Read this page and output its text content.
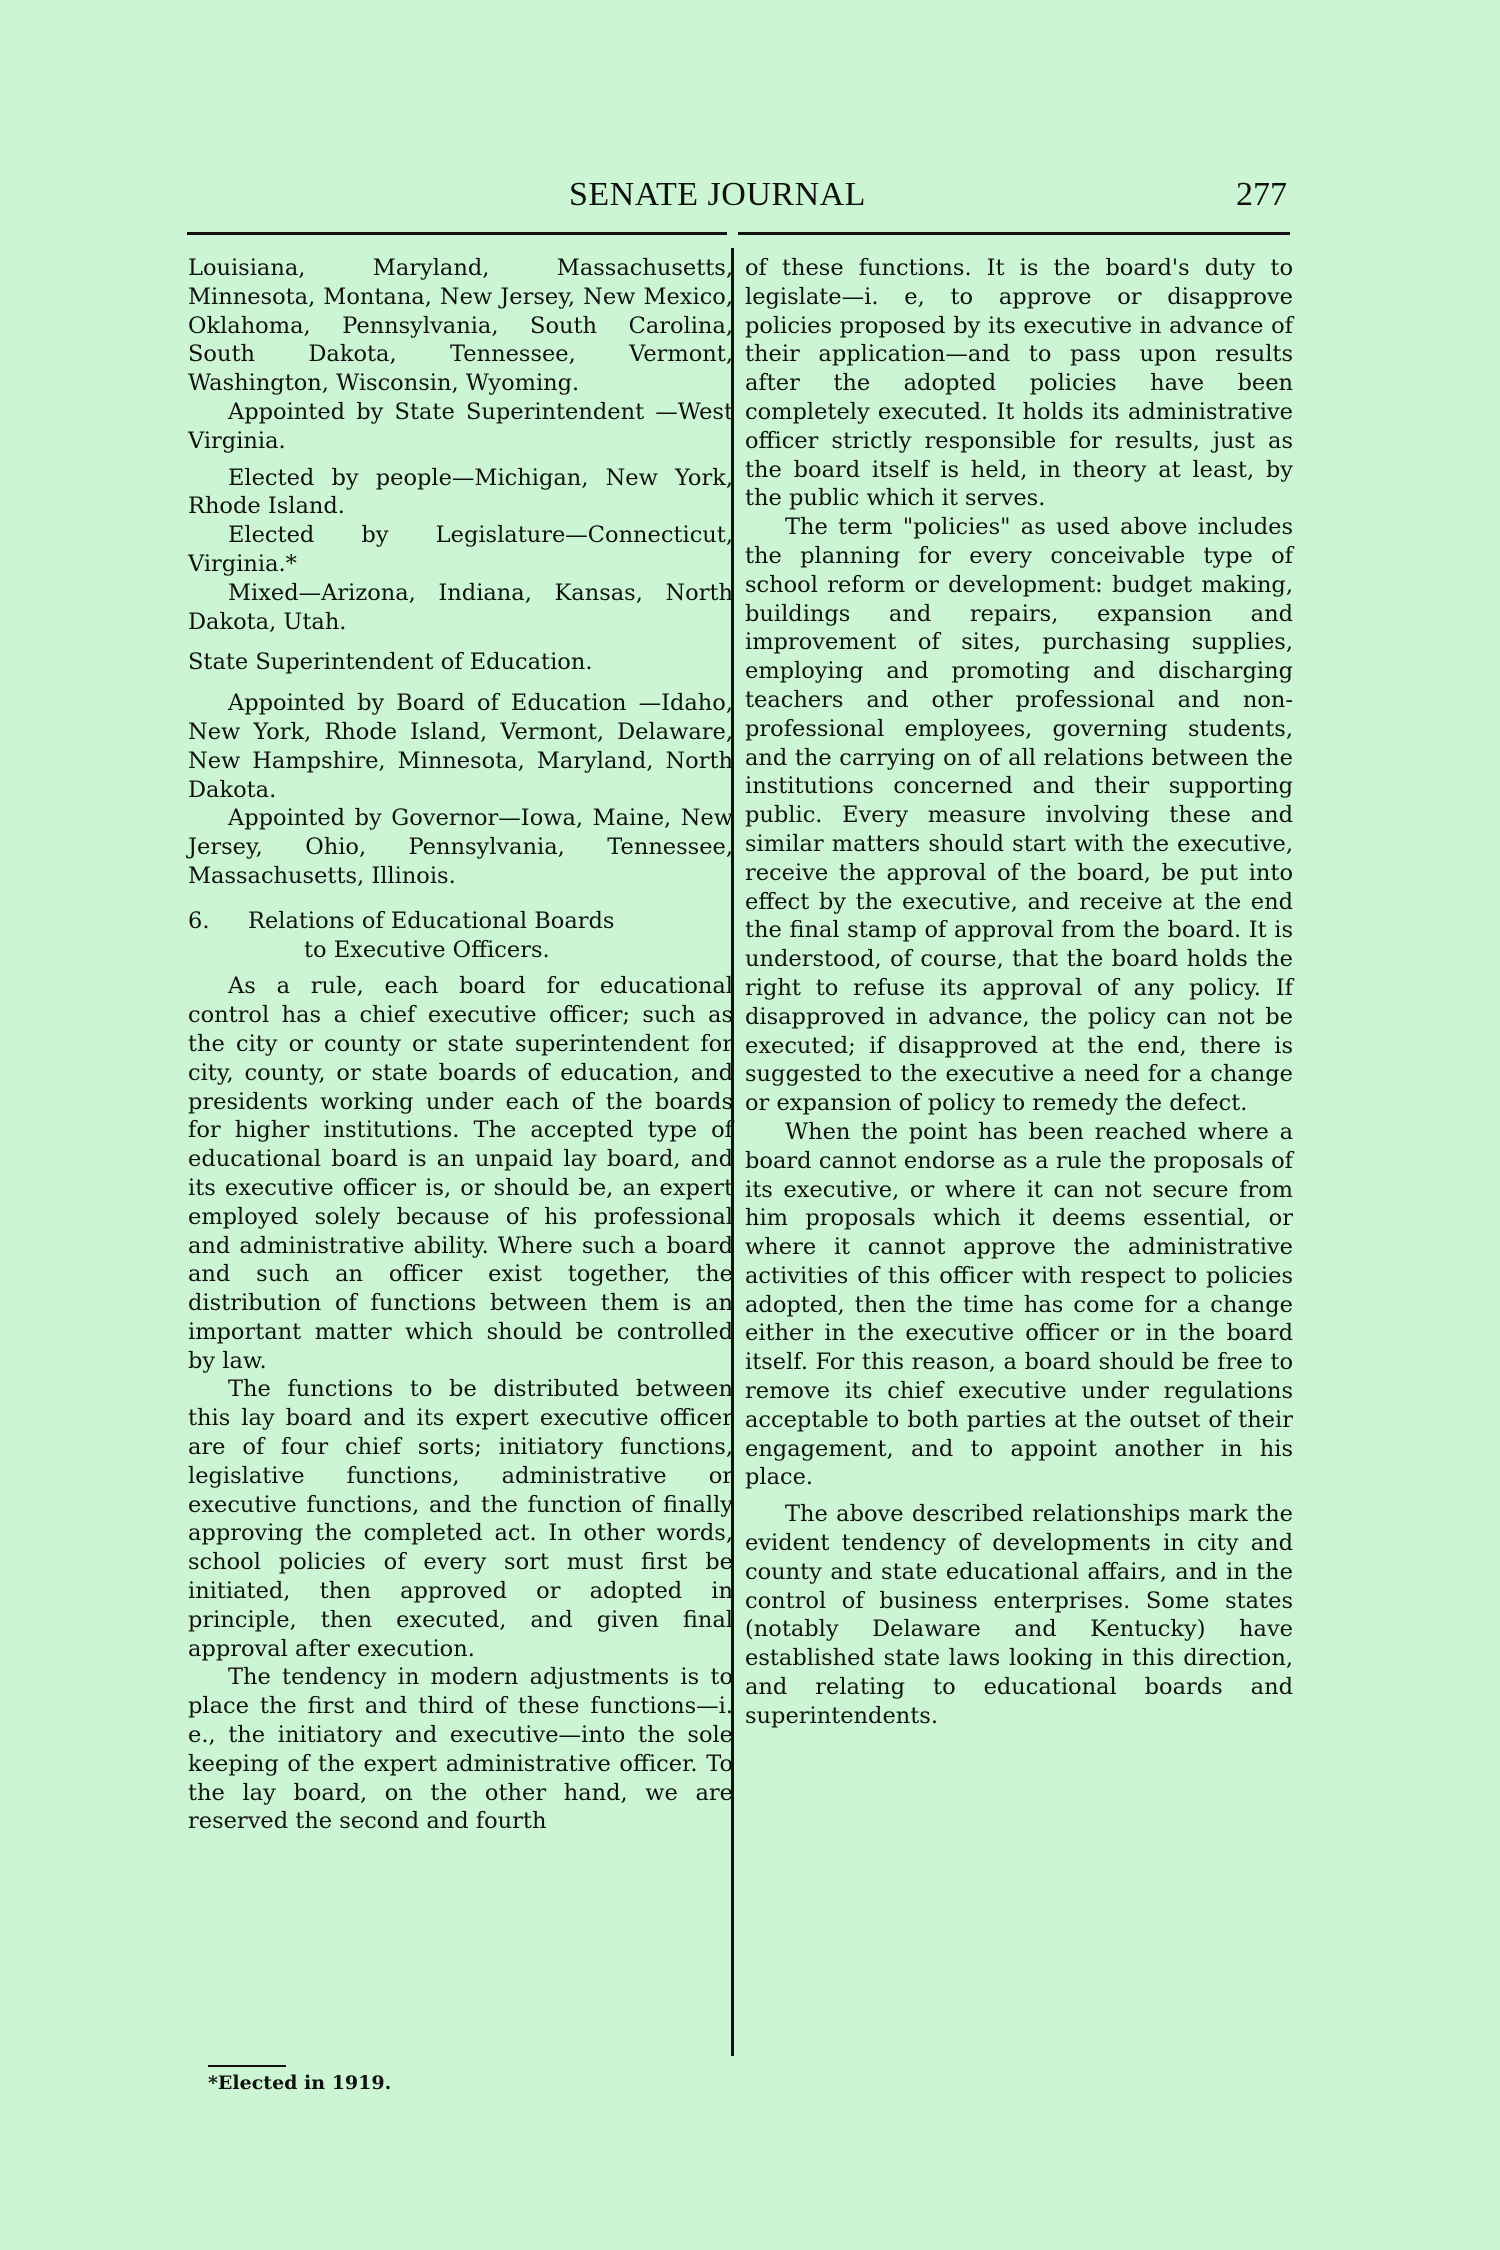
SENATE JOURNAL	277

Louisiana, Maryland, Massachusetts, Minnesota, Montana, New Jersey, New Mexico, Oklahoma, Pennsylvania, South Carolina, South Dakota, Tennessee, Vermont, Washington, Wisconsin, Wyoming.

Appointed by State Superintendent —West Virginia.

Elected by people—Michigan, New York, Rhode Island.

Elected by Legislature—Connecticut, Virginia.*

Mixed—Arizona, Indiana, Kansas, North Dakota, Utah.

State Superintendent of Education.

Appointed by Board of Education —Idaho, New York, Rhode Island, Vermont, Delaware, New Hampshire, Minnesota, Maryland, North Dakota.

Appointed by Governor—Iowa, Maine, New Jersey, Ohio, Pennsylvania, Tennessee, Massachusetts, Illinois.

6.	Relations of Educational Boards
to Executive Officers.

As a rule, each board for educational control has a chief executive officer; such as the city or county or state superintendent for city, county, or state boards of education, and presidents working under each of the boards for higher institutions. The accepted type of educational board is an unpaid lay board, and its executive officer is, or should be, an expert employed solely because of his professional and administrative ability. Where such a board and such an officer exist together, the distribution of functions between them is an important matter which should be controlled by law.

The functions to be distributed between this lay board and its expert executive officer are of four chief sorts; initiatory functions, legislative functions, administrative or executive functions, and the function of finally approving the completed act. In other words, school policies of every sort must first be initiated, then approved or adopted in principle, then executed, and given final approval after execution.

The tendency in modern adjustments is to place the first and third of these functions—i. e., the initiatory and executive—into the sole keeping of the expert administrative officer. To the lay board, on the other hand, we are reserved the second and fourth

of these functions. It is the board's duty to legislate—i. e, to approve or disapprove policies proposed by its executive in advance of their application—and to pass upon results after the adopted policies have been completely executed. It holds its administrative officer strictly responsible for results, just as the board itself is held, in theory at least, by the public which it serves.

The term "policies" as used above includes the planning for every conceivable type of school reform or development: budget making, buildings and repairs, expansion and improvement of sites, purchasing supplies, employing and promoting and discharging teachers and other professional and non-professional employees, governing students, and the carrying on of all relations between the institutions concerned and their supporting public. Every measure involving these and similar matters should start with the executive, receive the approval of the board, be put into effect by the executive, and receive at the end the final stamp of approval from the board. It is understood, of course, that the board holds the right to refuse its approval of any policy. If disapproved in advance, the policy can not be executed; if disapproved at the end, there is suggested to the executive a need for a change or expansion of policy to remedy the defect.

When the point has been reached where a board cannot endorse as a rule the proposals of its executive, or where it can not secure from him proposals which it deems essential, or where it cannot approve the administrative activities of this officer with respect to policies adopted, then the time has come for a change either in the executive officer or in the board itself. For this reason, a board should be free to remove its chief executive under regulations acceptable to both parties at the outset of their engagement, and to appoint another in his place.

The above described relationships mark the evident tendency of developments in city and county and state educational affairs, and in the control of business enterprises. Some states (notably Delaware and Kentucky) have established state laws looking in this direction, and relating to educational boards and superintendents.

*Elected in 1919.
